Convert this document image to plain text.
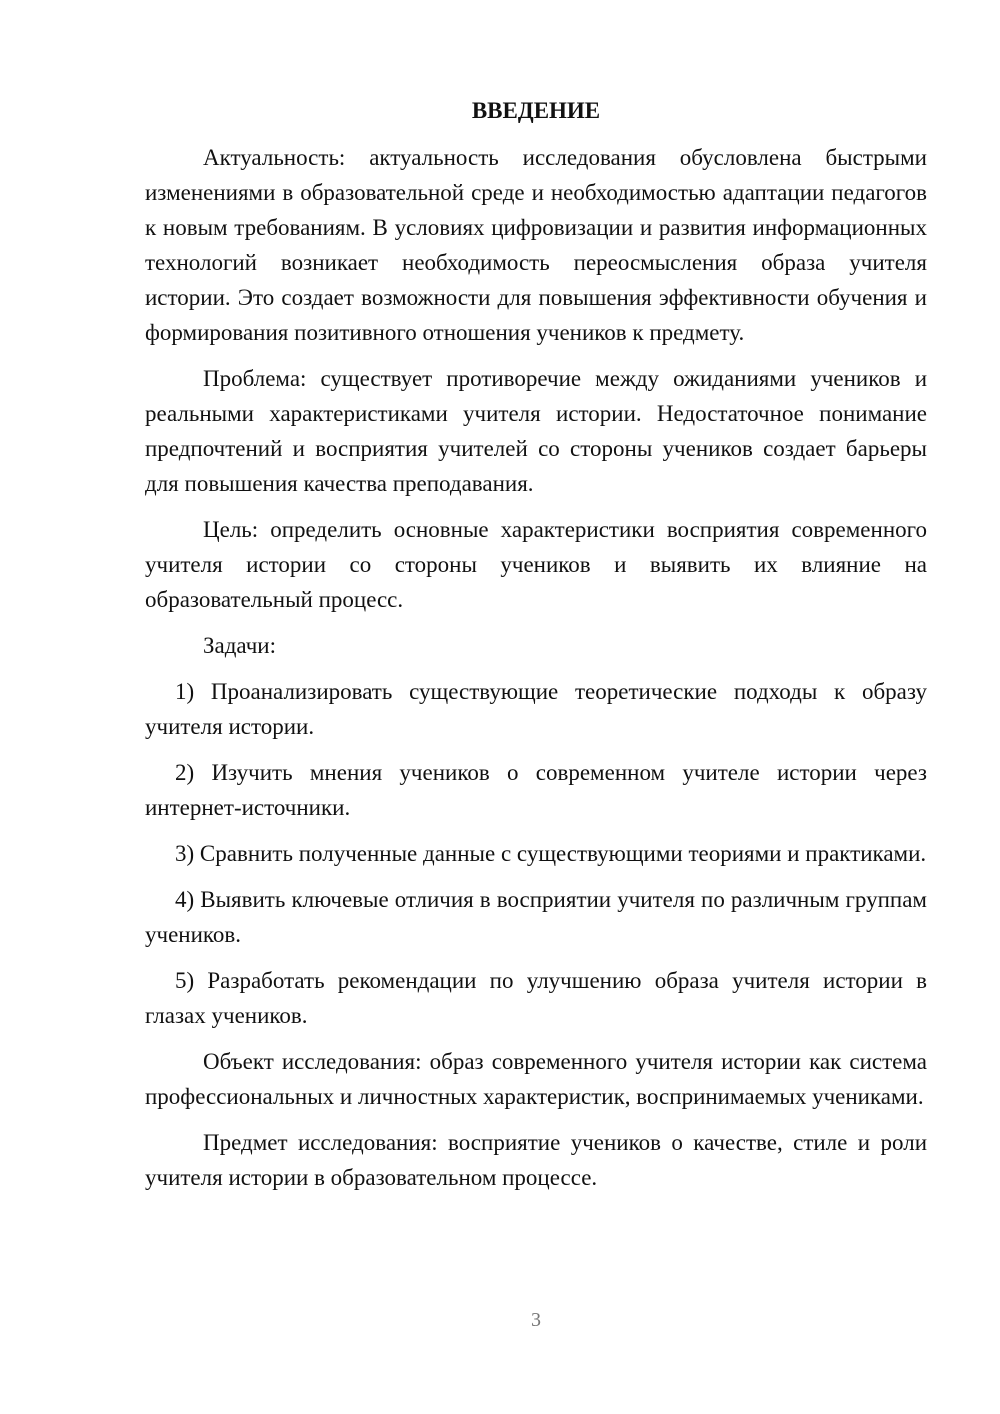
ВВЕДЕНИЕ

Актуальность: актуальность исследования обусловлена быстрыми изменениями в образовательной среде и необходимостью адаптации педагогов к новым требованиям. В условиях цифровизации и развития информационных технологий возникает необходимость переосмысления образа учителя истории. Это создает возможности для повышения эффективности обучения и формирования позитивного отношения учеников к предмету.

Проблема: существует противоречие между ожиданиями учеников и реальными характеристиками учителя истории. Недостаточное понимание предпочтений и восприятия учителей со стороны учеников создает барьеры для повышения качества преподавания.

Цель: определить основные характеристики восприятия современного учителя истории со стороны учеников и выявить их влияние на образовательный процесс.

Задачи:

1) Проанализировать существующие теоретические подходы к образу учителя истории.

2) Изучить мнения учеников о современном учителе истории через интернет-источники.

3) Сравнить полученные данные с существующими теориями и практиками.

4) Выявить ключевые отличия в восприятии учителя по различным группам учеников.

5) Разработать рекомендации по улучшению образа учителя истории в глазах учеников.

Объект исследования: образ современного учителя истории как система профессиональных и личностных характеристик, воспринимаемых учениками.

Предмет исследования: восприятие учеников о качестве, стиле и роли учителя истории в образовательном процессе.

3
